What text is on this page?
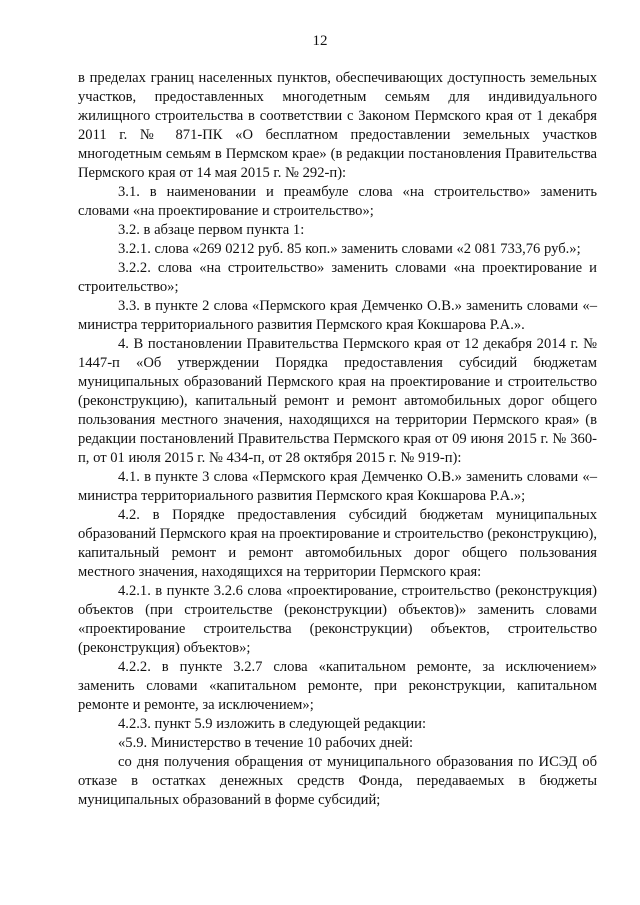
12

в пределах границ населенных пунктов, обеспечивающих доступность земельных участков, предоставленных многодетным семьям для индивидуального жилищного строительства в соответствии с Законом Пермского края от 1 декабря 2011 г. № 871-ПК «О бесплатном предоставлении земельных участков многодетным семьям в Пермском крае» (в редакции постановления Правительства Пермского края от 14 мая 2015 г. № 292-п):

3.1. в наименовании и преамбуле слова «на строительство» заменить словами «на проектирование и строительство»;

3.2. в абзаце первом пункта 1:

3.2.1. слова «269 0212 руб. 85 коп.» заменить словами «2 081 733,76 руб.»;

3.2.2. слова «на строительство» заменить словами «на проектирование и строительство»;

3.3. в пункте 2 слова «Пермского края Демченко О.В.» заменить словами «– министра территориального развития Пермского края Кокшарова Р.А.».

4. В постановлении Правительства Пермского края от 12 декабря 2014 г. № 1447-п «Об утверждении Порядка предоставления субсидий бюджетам муниципальных образований Пермского края на проектирование и строительство (реконструкцию), капитальный ремонт и ремонт автомобильных дорог общего пользования местного значения, находящихся на территории Пермского края» (в редакции постановлений Правительства Пермского края от 09 июня 2015 г. № 360-п, от 01 июля 2015 г. № 434-п, от 28 октября 2015 г. № 919-п):

4.1. в пункте 3 слова «Пермского края Демченко О.В.» заменить словами «– министра территориального развития Пермского края Кокшарова Р.А.»;

4.2. в Порядке предоставления субсидий бюджетам муниципальных образований Пермского края на проектирование и строительство (реконструкцию), капитальный ремонт и ремонт автомобильных дорог общего пользования местного значения, находящихся на территории Пермского края:

4.2.1. в пункте 3.2.6 слова «проектирование, строительство (реконструкция) объектов (при строительстве (реконструкции) объектов)» заменить словами «проектирование строительства (реконструкции) объектов, строительство (реконструкция) объектов»;

4.2.2. в пункте 3.2.7 слова «капитальном ремонте, за исключением» заменить словами «капитальном ремонте, при реконструкции, капитальном ремонте и ремонте, за исключением»;

4.2.3. пункт 5.9 изложить в следующей редакции:

«5.9. Министерство в течение 10 рабочих дней:

со дня получения обращения от муниципального образования по ИСЭД об отказе в остатках денежных средств Фонда, передаваемых в бюджеты муниципальных образований в форме субсидий;
